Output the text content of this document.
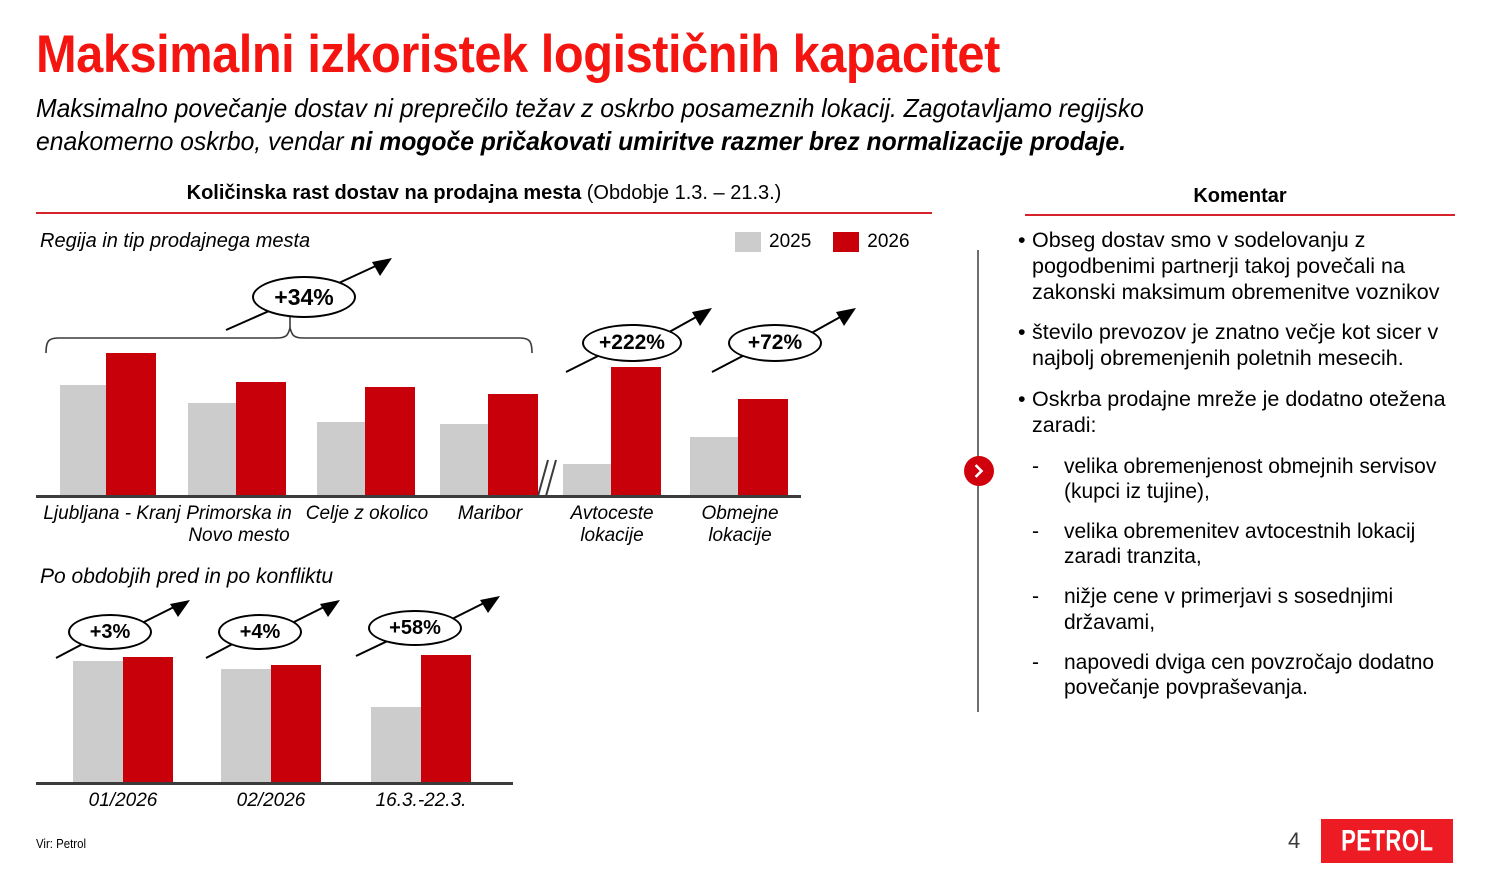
Maksimalni izkoristek logističnih kapacitet
Maksimalno povečanje dostav ni preprečilo težav z oskrbo posameznih lokacij. Zagotavljamo regijsko enakomerno oskrbo, vendar ni mogoče pričakovati umiritve razmer brez normalizacije prodaje.
Količinska rast dostav na prodajna mesta (Obdobje 1.3. – 21.3.)
Regija in tip prodajnega mesta	2025	2026
Ljubljana - Kranj Primorska in Novo mesto
Celje z okolico	Maribor	Avtoceste lokacije
Obmejne lokacije
+34%
+222%	+72%
Po obdobjih pred in po konfliktu
01/2026	02/2026	16.3.-22.3.
+3%	+4%	+58%
Komentar
• Obseg dostav smo v sodelovanju z pogodbenimi partnerji takoj povečali na zakonski maksimum obremenitve voznikov
• število prevozov je znatno večje kot sicer v najbolj obremenjenih poletnih mesecih.
• Oskrba prodajne mreže je dodatno otežena zaradi:
-	velika obremenjenost obmejnih servisov (kupci iz tujine),
-	velika obremenitev avtocestnih lokacij zaradi tranzita,
-	nižje cene v primerjavi s sosednjimi državami,
-	napovedi dviga cen povzročajo dodatno povečanje povpraševanja.
Vir: Petrol	4 PETROL
